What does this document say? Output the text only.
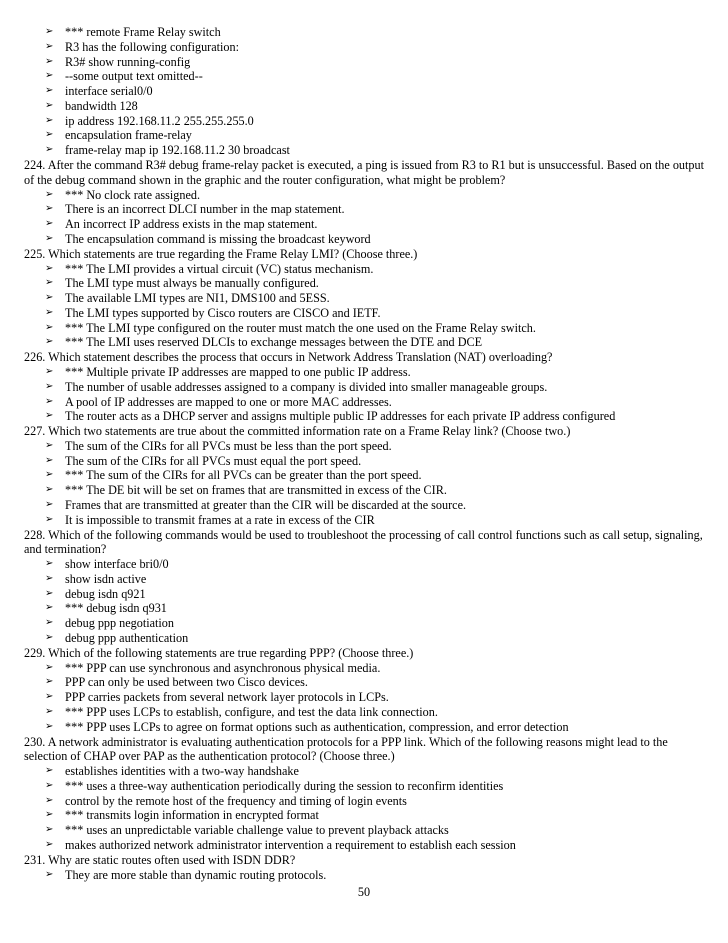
➢ *** remote Frame Relay switch
➢ R3 has the following configuration:
➢ R3# show running-config
➢ --some output text omitted--
➢ interface serial0/0
➢ bandwidth 128
➢ ip address 192.168.11.2 255.255.255.0
➢ encapsulation frame-relay
➢ frame-relay map ip 192.168.11.2 30 broadcast
224. After the command R3# debug frame-relay packet is executed, a ping is issued from R3 to R1 but is unsuccessful. Based on the output of the debug command shown in the graphic and the router configuration, what might be problem?
➢ *** No clock rate assigned.
➢ There is an incorrect DLCI number in the map statement.
➢ An incorrect IP address exists in the map statement.
➢ The encapsulation command is missing the broadcast keyword
225. Which statements are true regarding the Frame Relay LMI? (Choose three.)
➢ *** The LMI provides a virtual circuit (VC) status mechanism.
➢ The LMI type must always be manually configured.
➢ The available LMI types are NI1, DMS100 and 5ESS.
➢ The LMI types supported by Cisco routers are CISCO and IETF.
➢ *** The LMI type configured on the router must match the one used on the Frame Relay switch.
➢ *** The LMI uses reserved DLCIs to exchange messages between the DTE and DCE
226. Which statement describes the process that occurs in Network Address Translation (NAT) overloading?
➢ *** Multiple private IP addresses are mapped to one public IP address.
➢ The number of usable addresses assigned to a company is divided into smaller manageable groups.
➢ A pool of IP addresses are mapped to one or more MAC addresses.
➢ The router acts as a DHCP server and assigns multiple public IP addresses for each private IP address configured
227. Which two statements are true about the committed information rate on a Frame Relay link? (Choose two.)
➢ The sum of the CIRs for all PVCs must be less than the port speed.
➢ The sum of the CIRs for all PVCs must equal the port speed.
➢ *** The sum of the CIRs for all PVCs can be greater than the port speed.
➢ *** The DE bit will be set on frames that are transmitted in excess of the CIR.
➢ Frames that are transmitted at greater than the CIR will be discarded at the source.
➢ It is impossible to transmit frames at a rate in excess of the CIR
228. Which of the following commands would be used to troubleshoot the processing of call control functions such as call setup, signaling, and termination?
➢ show interface bri0/0
➢ show isdn active
➢ debug isdn q921
➢ *** debug isdn q931
➢ debug ppp negotiation
➢ debug ppp authentication
229. Which of the following statements are true regarding PPP? (Choose three.)
➢ *** PPP can use synchronous and asynchronous physical media.
➢ PPP can only be used between two Cisco devices.
➢ PPP carries packets from several network layer protocols in LCPs.
➢ *** PPP uses LCPs to establish, configure, and test the data link connection.
➢ *** PPP uses LCPs to agree on format options such as authentication, compression, and error detection
230. A network administrator is evaluating authentication protocols for a PPP link. Which of the following reasons might lead to the selection of CHAP over PAP as the authentication protocol? (Choose three.)
➢ establishes identities with a two-way handshake
➢ *** uses a three-way authentication periodically during the session to reconfirm identities
➢ control by the remote host of the frequency and timing of login events
➢ *** transmits login information in encrypted format
➢ *** uses an unpredictable variable challenge value to prevent playback attacks
➢ makes authorized network administrator intervention a requirement to establish each session
231. Why are static routes often used with ISDN DDR?
➢ They are more stable than dynamic routing protocols.
50
